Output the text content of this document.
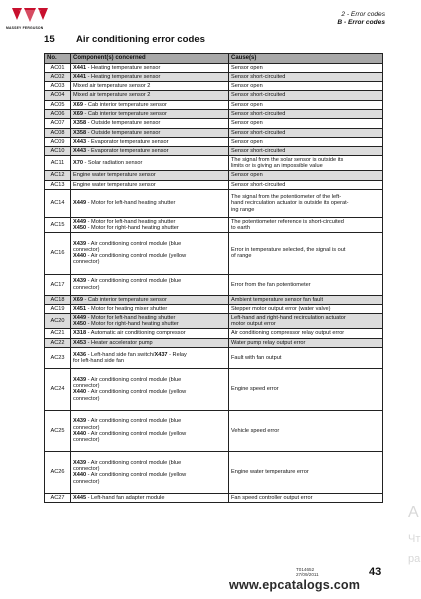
MASSEY FERGUSON
2 - Error codes
B - Error codes
15 Air conditioning error codes
No.	Component(s) concerned	Cause(s)
AC01	X441 - Heating temperature sensor	Sensor open

AC02	X441 - Heating temperature sensor	Sensor short-circuited

AC03	Mixed air temperature sensor 2	Sensor open

AC04	Mixed air temperature sensor 2	Sensor short-circuited

AC05	X69 - Cab interior temperature sensor	Sensor open

AC06	X69 - Cab interior temperature sensor	Sensor short-circuited

AC07	X358 - Outside temperature sensor	Sensor open

AC08	X358 - Outside temperature sensor	Sensor short-circuited

AC09	X443 - Evaporator temperature sensor	Sensor open

AC10	X443 - Evaporator temperature sensor	Sensor short-circuited

AC11	X70 - Solar radiation sensor	The signal from the solar sensor is outside its
limits or is giving an impossible value

AC12	Engine water temperature sensor	Sensor open

AC13	Engine water temperature sensor	Sensor short-circuited

AC14	X449 - Motor for left-hand heating shutter	The signal from the potentiometer of the left-
hand recirculation actuator is outside its operat-
ing range

AC15	X449 - Motor for left-hand heating shutter
X450 - Motor for right-hand heating shutter	The potentiometer reference is short-circuited
to earth

AC16	X439 - Air conditioning control module (blue
connector)
X440 - Air conditioning control module (yellow
connector)	Error in temperature selected, the signal is out
of range

AC17	X439 - Air conditioning control module (blue
connector)	Error from the fan potentiometer

AC18	X69 - Cab interior temperature sensor	Ambient temperature sensor fan fault

AC19	X451 - Motor for heating mixer shutter	Stepper motor output error (water valve)

AC20	X449 - Motor for left-hand heating shutter
X450 - Motor for right-hand heating shutter	Left-hand and right-hand recirculation actuator
motor output error

AC21	X318 - Automatic air conditioning compressor	Air conditioning compressor relay output error

AC22	X453 - Heater accelerator pump	Water pump relay output error

AC23	X436 - Left-hand side fan switch/X437 - Relay
for left-hand side fan	Fault with fan output

AC24	X439 - Air conditioning control module (blue
connector)
X440 - Air conditioning control module (yellow
connector)	Engine speed error

AC25	X439 - Air conditioning control module (blue
connector)
X440 - Air conditioning control module (yellow
connector)	Vehicle speed error

AC26	X439 - Air conditioning control module (blue
connector)
X440 - Air conditioning control module (yellow
connector)	Engine water temperature error

AC27	X445 - Left-hand fan adapter module	Fan speed controller output error
T014652
27/09/2011	43
www.epcatalogs.com
A
Чт
ра
